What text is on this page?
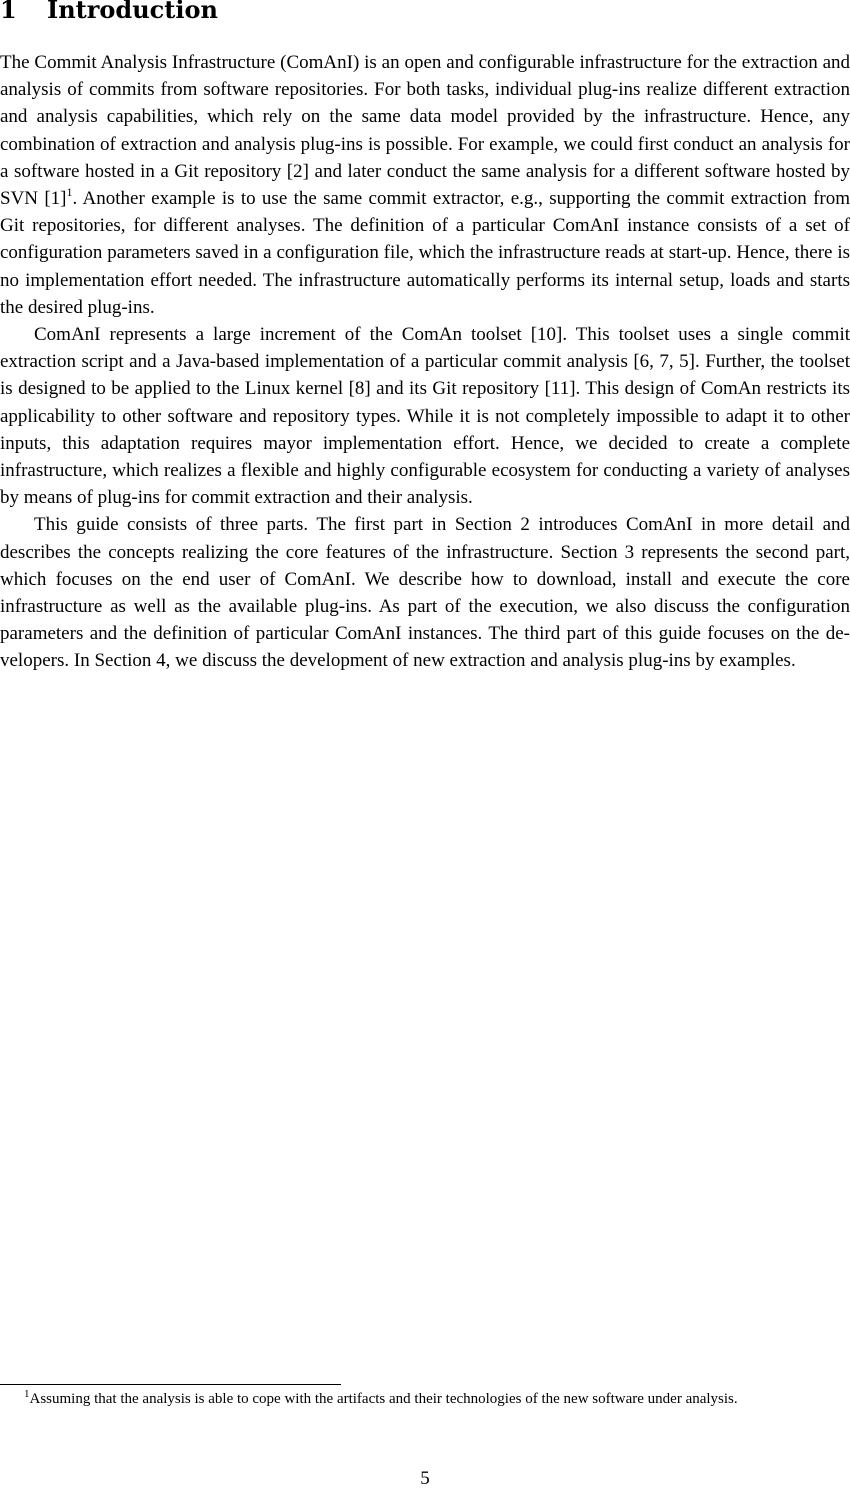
1 Introduction

The Commit Analysis Infrastructure (ComAnI) is an open and configurable infrastructure for the extraction and analysis of commits from software repositories. For both tasks, individual plug-ins realize different extraction and analysis capabilities, which rely on the same data model provided by the infrastructure. Hence, any combination of extraction and analysis plug-ins is possible. For example, we could first conduct an analysis for a software hosted in a Git repository [2] and later conduct the same analysis for a different software hosted by SVN $[1]^1$. Another example is to use the same commit extractor, e.g., supporting the commit extraction from Git repositories, for different analyses. The definition of a particular ComAnI instance consists of a set of configuration parameters saved in a configuration file, which the infrastructure reads at start-up. Hence, there is no implementation effort needed. The infrastructure automatically performs its internal setup, loads and starts the desired plug-ins.

ComAnI represents a large increment of the ComAn toolset [10]. This toolset uses a single commit extraction script and a Java-based implementation of a particular commit analysis [6, 7, 5]. Further, the toolset is designed to be applied to the Linux kernel [8] and its Git repository [11]. This design of ComAn restricts its applicability to other software and repository types. While it is not completely impossible to adapt it to other inputs, this adaptation requires mayor implementation effort. Hence, we decided to create a complete infrastructure, which realizes a flexible and highly configurable ecosystem for conducting a variety of analyses by means of plug-ins for commit extraction and their analysis.

This guide consists of three parts. The first part in Section 2 introduces ComAnI in more detail and describes the concepts realizing the core features of the infrastructure. Section 3 represents the second part, which focuses on the end user of ComAnI. We describe how to download, install and execute the core infrastructure as well as the available plug-ins. As part of the execution, we also discuss the configuration parameters and the definition of particular ComAnI instances. The third part of this guide focuses on the developers. In Section 4, we discuss the development of new extraction and analysis plug-ins by examples.

$^1$Assuming that the analysis is able to cope with the artifacts and their technologies of the new software under analysis.
5
